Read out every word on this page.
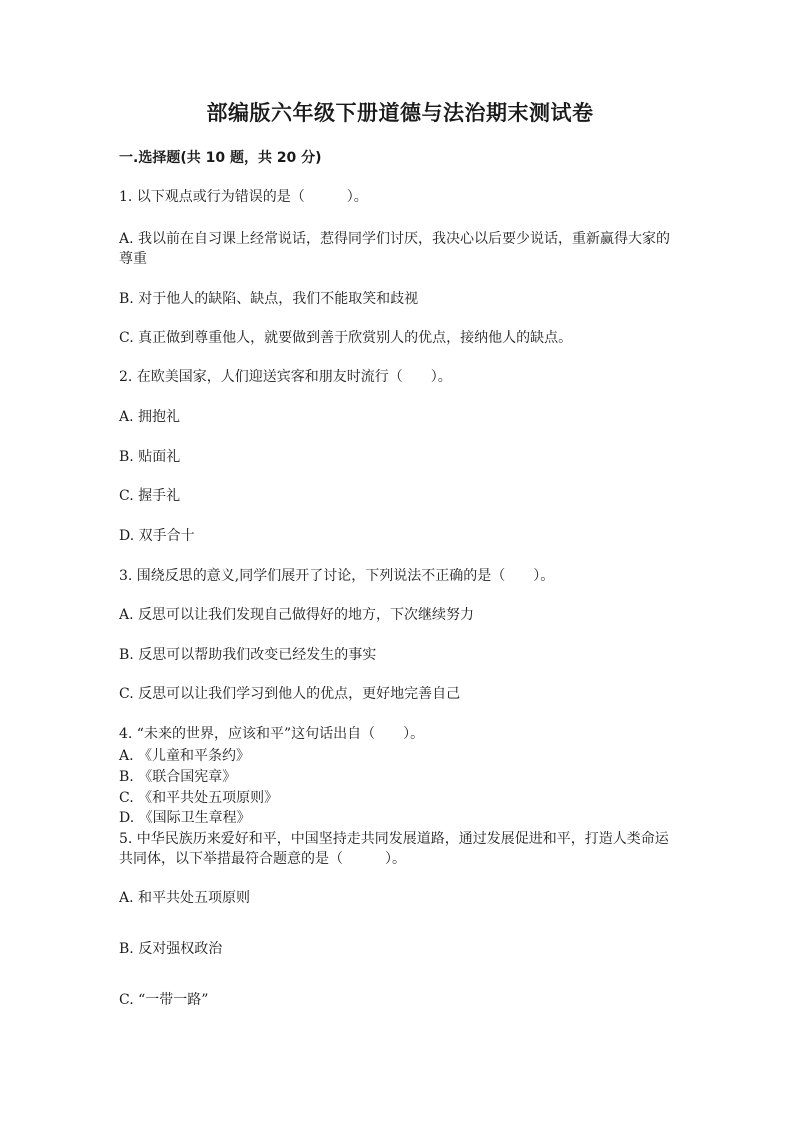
部编版六年级下册道德与法治期末测试卷
一.选择题(共 10 题，共 20 分)
1. 以下观点或行为错误的是（　　　）。
A. 我以前在自习课上经常说话，惹得同学们讨厌，我决心以后要少说话，重新赢得大家的尊重
B. 对于他人的缺陷、缺点，我们不能取笑和歧视
C. 真正做到尊重他人，就要做到善于欣赏别人的优点，接纳他人的缺点。
2. 在欧美国家，人们迎送宾客和朋友时流行（　　）。
A. 拥抱礼
B. 贴面礼
C. 握手礼
D. 双手合十
3. 围绕反思的意义,同学们展开了讨论，下列说法不正确的是（　　）。
A. 反思可以让我们发现自己做得好的地方，下次继续努力
B. 反思可以帮助我们改变已经发生的事实
C. 反思可以让我们学习到他人的优点，更好地完善自己
4. “未来的世界，应该和平”这句话出自（　　）。
A. 《儿童和平条约》
B. 《联合国宪章》
C. 《和平共处五项原则》
D. 《国际卫生章程》
5. 中华民族历来爱好和平，中国坚持走共同发展道路，通过发展促进和平，打造人类命运共同体，以下举措最符合题意的是（　　　）。
A. 和平共处五项原则
B. 反对强权政治
C. “一带一路”
